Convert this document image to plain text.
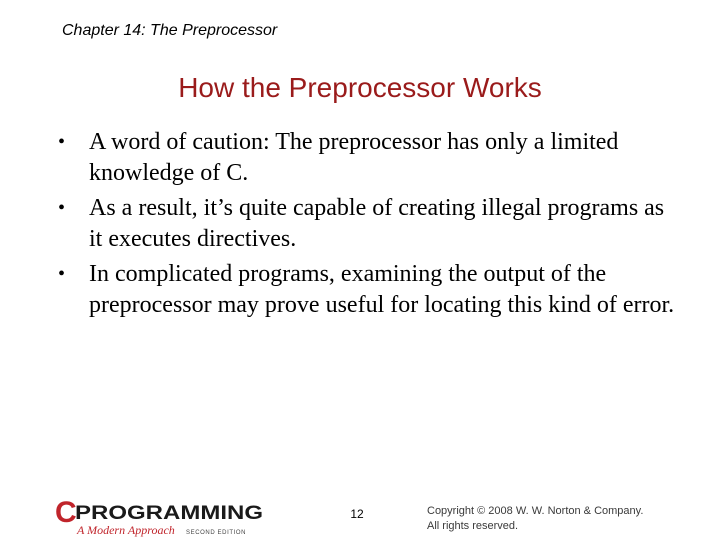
Chapter 14: The Preprocessor
How the Preprocessor Works
• A word of caution: The preprocessor has only a limited knowledge of C.
• As a result, it’s quite capable of creating illegal programs as it executes directives.
• In complicated programs, examining the output of the preprocessor may prove useful for locating this kind of error.
C
PROGRAMMING
A Modern Approach SECOND EDITION
12	Copyright © 2008 W. W. Norton & Company.
All rights reserved.
